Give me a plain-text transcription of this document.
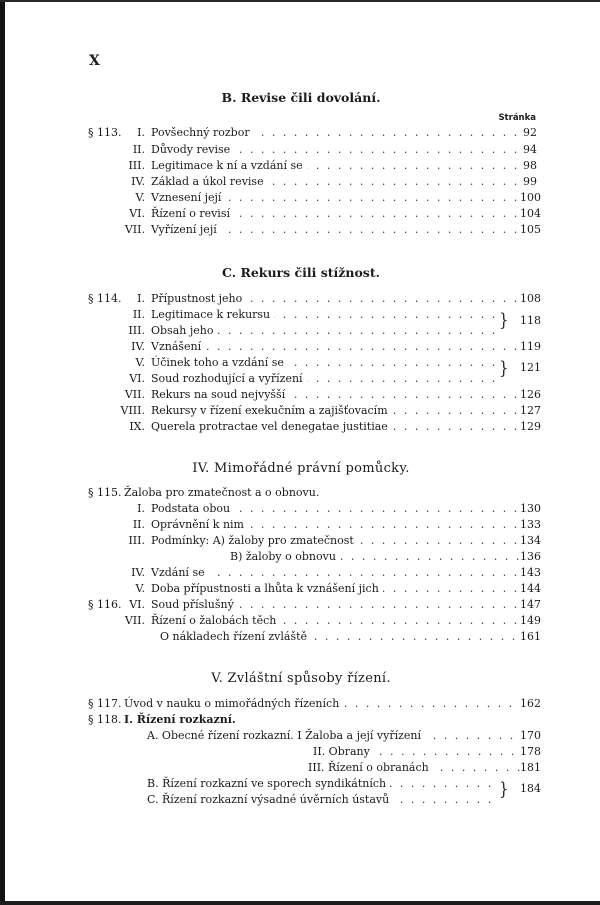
X
B. Revise čili dovolání.
Stránka
§ 113. I. Povšechný rozbor . . .	92
II. Důvody revise . . .	94
III. Legitimace k ní a vzdání se . . .	98
IV. Základ a úkol revise . . .	99
V. Vznesení její . . .	100
VI. Řízení o revisí . . .	104
VII. Vyřízení její . . .	105
C. Rekurs čili stížnost.
§ 114. I. Přípustnost jeho . . .	108
II. Legitimace k rekursu . . .
III. Obsah jeho . . .	} 118
IV. Vznášení . . .	119
V. Účinek toho a vzdání se . . .
VI. Soud rozhodující a vyřízení . . .	} 121
VII. Rekurs na soud nejvyšší . . .	126
VIII. Rekursy v řízení exekučním a zajišťovacím . . .	127
IX. Querela protractae vel denegatae justitiae . . .	129
IV. Mimořádné právní pomůcky.
§ 115. Žaloba pro zmatečnost a o obnovu.
I. Podstata obou . . .	130
II. Oprávnění k nim . . .	133
III. Podmínky: A) žaloby pro zmatečnost . . .	134
B) žaloby o obnovu . . .	136
IV. Vzdání se . . .	143
V. Doba přípustnosti a lhůta k vznášení jich . . .	144
§ 116. VI. Soud příslušný . . .	147
VII. Řízení o žalobách těch . . .	149
O nákladech řízení zvláště . . .	161
V. Zvláštní spůsoby řízení.
§ 117. Úvod v nauku o mimořádných řízeních . . .	162
§ 118. I. Řízení rozkazní.
A. Obecné řízení rozkazní. I Žaloba a její vyřízení . . .	170
II. Obrany . . .	178
III. Řízení o obranách . . .	181
B. Řízení rozkazní ve sporech syndikátních . . .
C. Řízení rozkazní výsadné úvěrních ústavů . . .	} 184
